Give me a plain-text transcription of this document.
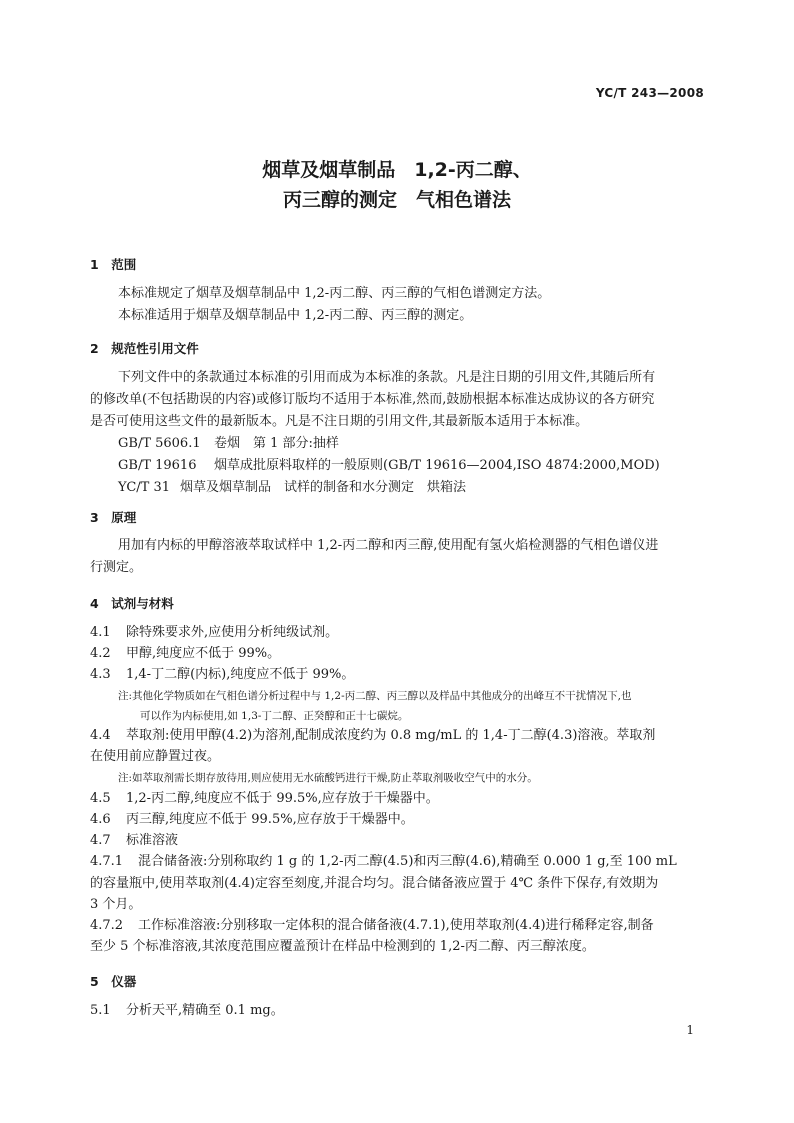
YC/T 243—2008
烟草及烟草制品　1,2-丙二醇、
丙三醇的测定　气相色谱法
1　范围
本标准规定了烟草及烟草制品中 1,2-丙二醇、丙三醇的气相色谱测定方法。
本标准适用于烟草及烟草制品中 1,2-丙二醇、丙三醇的测定。
2　规范性引用文件
下列文件中的条款通过本标准的引用而成为本标准的条款。凡是注日期的引用文件,其随后所有
的修改单(不包括勘误的内容)或修订版均不适用于本标准,然而,鼓励根据本标准达成协议的各方研究
是否可使用这些文件的最新版本。凡是不注日期的引用文件,其最新版本适用于本标准。
GB/T 5606.1 卷烟　第 1 部分:抽样
GB/T 19616 烟草成批原料取样的一般原则(GB/T 19616—2004,ISO 4874:2000,MOD)
YC/T 31 烟草及烟草制品　试样的制备和水分测定　烘箱法
3　原理
用加有内标的甲醇溶液萃取试样中 1,2-丙二醇和丙三醇,使用配有氢火焰检测器的气相色谱仪进
行测定。
4　试剂与材料
4.1 除特殊要求外,应使用分析纯级试剂。
4.2 甲醇,纯度应不低于 99%。
4.3 1,4-丁二醇(内标),纯度应不低于 99%。
注:其他化学物质如在气相色谱分析过程中与 1,2-丙二醇、丙三醇以及样品中其他成分的出峰互不干扰情况下,也
可以作为内标使用,如 1,3-丁二醇、正癸醇和正十七碳烷。
4.4 萃取剂:使用甲醇(4.2)为溶剂,配制成浓度约为 0.8 mg/mL 的 1,4-丁二醇(4.3)溶液。萃取剂
在使用前应静置过夜。
注:如萃取剂需长期存放待用,则应使用无水硫酸钙进行干燥,防止萃取剂吸收空气中的水分。
4.5 1,2-丙二醇,纯度应不低于 99.5%,应存放于干燥器中。
4.6 丙三醇,纯度应不低于 99.5%,应存放于干燥器中。
4.7 标准溶液
4.7.1 混合储备液:分别称取约 1 g 的 1,2-丙二醇(4.5)和丙三醇(4.6),精确至 0.000 1 g,至 100 mL
的容量瓶中,使用萃取剂(4.4)定容至刻度,并混合均匀。混合储备液应置于 4℃ 条件下保存,有效期为
3 个月。
4.7.2 工作标准溶液:分别移取一定体积的混合储备液(4.7.1),使用萃取剂(4.4)进行稀释定容,制备
至少 5 个标准溶液,其浓度范围应覆盖预计在样品中检测到的 1,2-丙二醇、丙三醇浓度。
5　仪器
5.1 分析天平,精确至 0.1 mg。
1
